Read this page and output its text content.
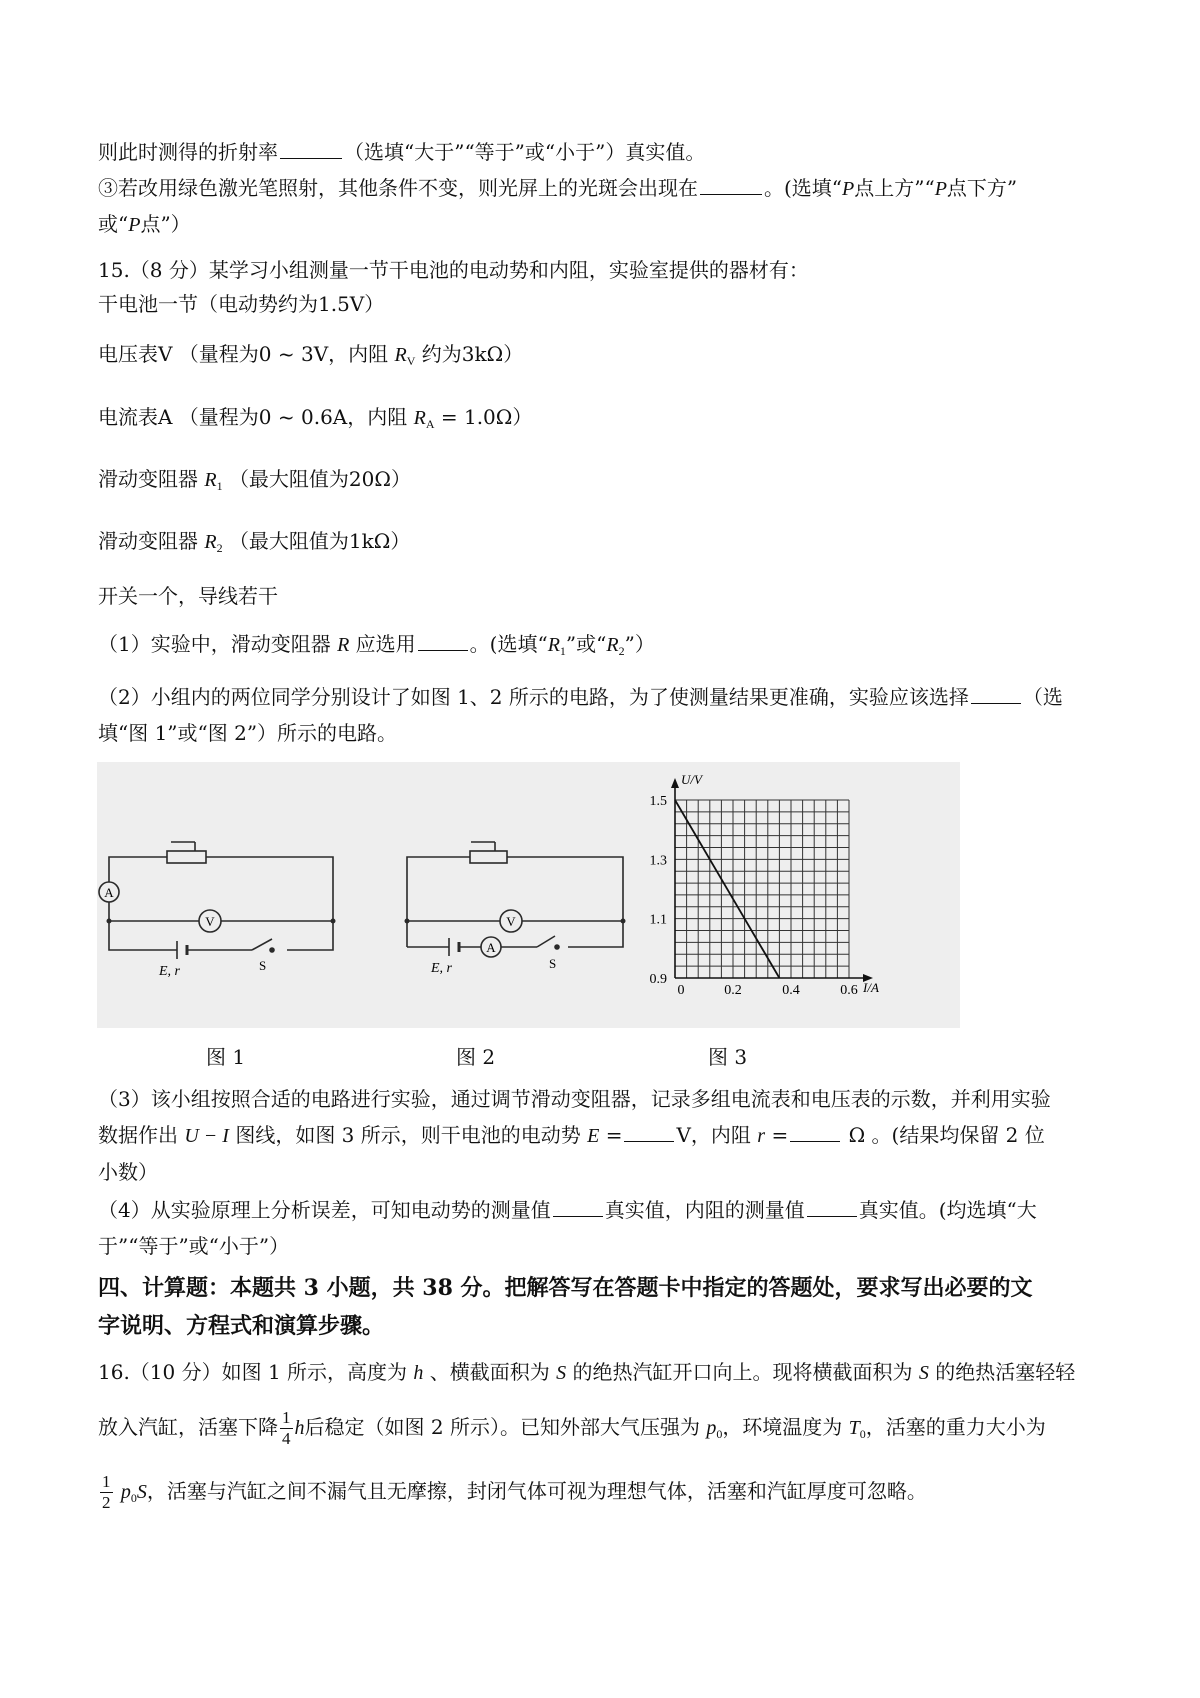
则此时测得的折射率	（选填“大于”“等于”或“小于”）真实值。
③若改用绿色激光笔照射，其他条件不变，则光屏上的光斑会出现在	。(选填“P点上方”“P点下方”
或“P点”）
15.（8 分）某学习小组测量一节干电池的电动势和内阻，实验室提供的器材有：
干电池一节（电动势约为1.5V）
电压表V （量程为0 ~ 3V，内阻 $R_V$ 约为3kΩ）
电流表A （量程为0 ~ 0.6A，内阻 $R_A = 1.0\Omega$）
滑动变阻器 $R_1$ （最大阻值为20Ω）
滑动变阻器 $R_2$ （最大阻值为1kΩ）
开关一个，导线若干
（1）实验中，滑动变阻器 R 应选用	。(选填“$R_1$”或“$R_2$”）
（2）小组内的两位同学分别设计了如图 1、2 所示的电路，为了使测量结果更准确，实验应该选择	（选
填“图 1”或“图 2”）所示的电路。
A
V
E, r	S
A
V
E, r	S
U/V
I/A
0.9
1.1
1.3
1.5
0	0.2	0.4	0.6
图 1	图 2	图 3
（3）该小组按照合适的电路进行实验，通过调节滑动变阻器，记录多组电流表和电压表的示数，并利用实验
数据作出 U − I 图线，如图 3 所示，则干电池的电动势 E =	V，内阻 r =	Ω 。(结果均保留 2 位
小数）
（4）从实验原理上分析误差，可知电动势的测量值	真实值，内阻的测量值	真实值。(均选填“大
于”“等于”或“小于”）
四、计算题：本题共 3 小题，共 38 分。把解答写在答题卡中指定的答题处，要求写出必要的文
字说明、方程式和演算步骤。
16.（10 分）如图 1 所示，高度为 h 、横截面积为 S 的绝热汽缸开口向上。现将横截面积为 S 的绝热活塞轻轻
放入汽缸，活塞下降 $\frac{1}{4}$ h后稳定（如图 2 所示）。已知外部大气压强为 $p_0$，环境温度为 $T_0$，活塞的重力大小为
$\frac{1}{2} p_0S$，活塞与汽缸之间不漏气且无摩擦，封闭气体可视为理想气体，活塞和汽缸厚度可忽略。
